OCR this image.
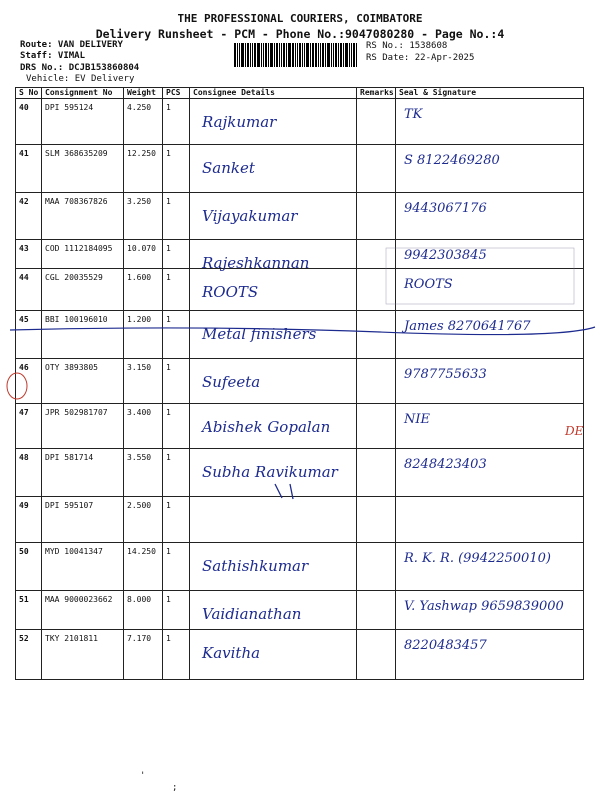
THE PROFESSIONAL COURIERS, COIMBATORE
Delivery Runsheet - PCM - Phone No.:9047080280 - Page No.:4
Route: VAN DELIVERY
Staff: VIMAL
DRS No.: DCJB153860804
Vehicle: EV Delivery
RS No.: 1538608
RS Date: 22-Apr-2025
S No	Consignment No	Weight	PCS	Consignee Details	Remarks	Seal & Signature
40	DPI 595124	4.250	1	Rajkumar		TK

41	SLM 368635209	12.250	1	Sanket		S 8122469280

42	MAA 708367826	3.250	1	Vijayakumar		9443067176

43	COD 1112184095	10.070	1	Rajeshkannan		9942303845

44	CGL 20035529	1.600	1	ROOTS		ROOTS

45	BBI 100196010	1.200	1	Metal finishers		James 8270641767

46	OTY 3893805	3.150	1	Sufeeta		9787755633

47	JPR 502981707	3.400	1	Abishek Gopalan		NIE

48	DPI 581714	3.550	1	Subha Ravikumar		8248423403

49	DPI 595107	2.500	1	

50	MYD 10041347	14.250	1	Sathishkumar		R. K. R. (9942250010)

51	MAA 9000023662	8.000	1	Vaidianathan		V. Yashwap 9659839000

52	TKY 2101811	7.170	1	Kavitha		8220483457
DE
'
;
